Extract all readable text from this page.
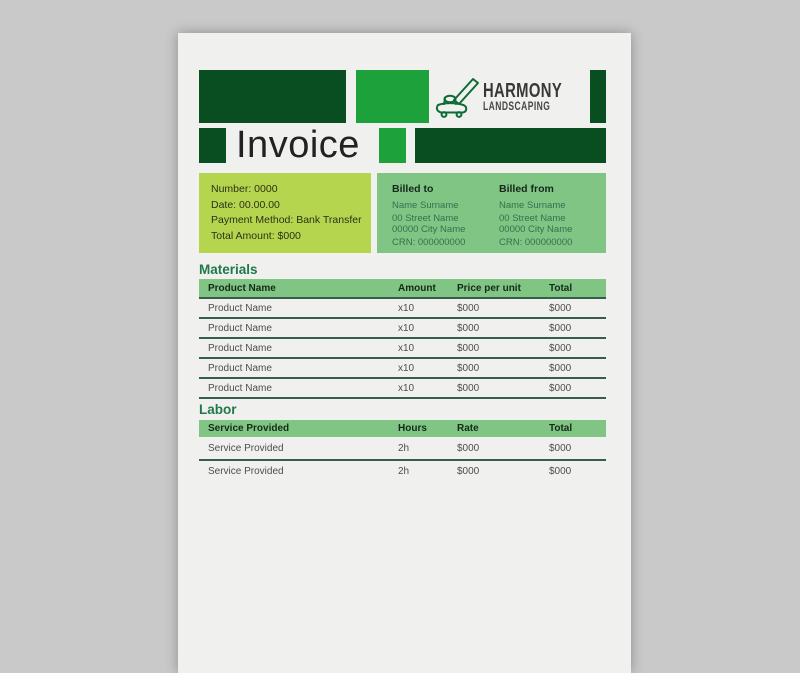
HARMONY
LANDSCAPING
Invoice
Number: 0000
Date: 00.00.00
Payment Method: Bank Transfer
Total Amount: $000
Billed to
Name Surname
00 Street Name
00000 City Name
CRN: 000000000
Billed from
Name Surname
00 Street Name
00000 City Name
CRN: 000000000
Materials
Product Name	Amount	Price per unit	Total
Product Name	x10	$000	$000
Product Name	x10	$000	$000
Product Name	x10	$000	$000
Product Name	x10	$000	$000
Product Name	x10	$000	$000
Labor
Service Provided	Hours	Rate	Total
Service Provided	2h	$000	$000
Service Provided	2h	$000	$000
